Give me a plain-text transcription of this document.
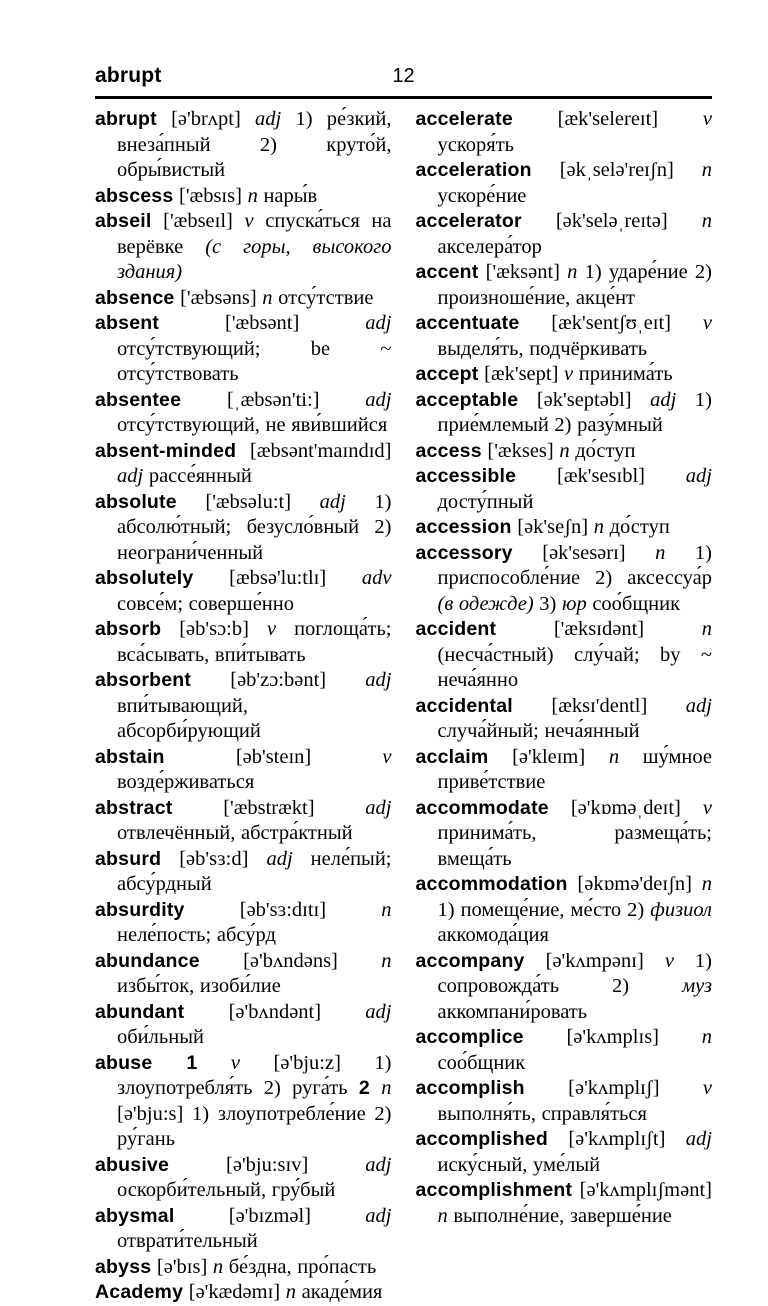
abrupt	12

abrupt [ə'brʌpt] adj 1) ре́зкий, внеза́пный 2) круто́й, обры́вистый

abscess ['æbsɪs] n нары́в

abseil ['æbseɪl] v спуска́ться на верёвке (с горы, высокого здания)

absence ['æbsəns] n отсу́тствие

absent ['æbsənt] adj отсу́тствующий; be ~ отсу́тствовать

absentee [ˌæbsən'ti:] adj отсу́тствующий, не яви́вшийся

absent-minded [æbsənt'maɪndɪd] adj рассе́янный

absolute ['æbsəlu:t] adj 1) абсолю́тный; безусло́вный 2) неограни́ченный

absolutely [æbsə'lu:tlɪ] adv совсе́м; соверше́нно

absorb [əb'sɔ:b] v поглоща́ть; вса́сывать, впи́тывать

absorbent [əb'zɔ:bənt] adj впи́тывающий, абсорби́рующий

abstain [əb'steɪn] v возде́рживаться

abstract ['æbstrækt] adj отвлечённый, абстра́ктный

absurd [əb'sɜ:d] adj неле́пый; абсу́рдный

absurdity [əb'sɜ:dɪtɪ] n неле́пость; абсу́рд

abundance [ə'bʌndəns] n избы́ток, изоби́лие

abundant [ə'bʌndənt] adj оби́льный

abuse 1 v [ə'bju:z] 1) злоупотребля́ть 2) руга́ть 2 n [ə'bju:s] 1) злоупотребле́ние 2) ру́гань

abusive [ə'bju:sɪv] adj оскорби́тельный, гру́бый

abysmal [ə'bɪzməl] adj отврати́тельный

abyss [ə'bɪs] n бе́здна, про́пасть

Academy [ə'kædəmɪ] n акаде́мия

accelerate [æk'selereɪt] v ускоря́ть

acceleration [əkˌselə'reɪʃn] n ускоре́ние

accelerator [ək'seləˌreɪtə] n акселера́тор

accent ['æksənt] n 1) ударе́ние 2) произноше́ние, акце́нт

accentuate [æk'sentʃʊˌeɪt] v выделя́ть, подчёркивать

accept [æk'sept] v принима́ть

acceptable [ək'septəbl] adj 1) прие́млемый 2) разу́мный

access ['ækses] n до́ступ

accessible [æk'sesɪbl] adj досту́пный

accession [ək'seʃn] n до́ступ

accessory [ək'sesərɪ] n 1) приспособле́ние 2) аксессуа́р (в одежде) 3) юр соо́бщник

accident ['æksɪdənt] n (несча́стный) слу́чай; by ~ неча́янно

accidental [æksɪ'dentl] adj случа́йный; неча́янный

acclaim [ə'kleɪm] n шу́мное приве́тствие

accommodate [ə'kɒməˌdeɪt] v принима́ть, размеща́ть; вмеща́ть

accommodation [əkɒmə'deɪʃn] n 1) помеще́ние, ме́сто 2) физиол аккомода́ция

accompany [ə'kʌmpənɪ] v 1) сопровожда́ть 2) муз аккомпани́ровать

accomplice [ə'kʌmplɪs] n соо́бщник

accomplish [ə'kʌmplɪʃ] v выполня́ть, справля́ться

accomplished [ə'kʌmplɪʃt] adj иску́сный, уме́лый

accomplishment [ə'kʌmplɪʃmənt] n выполне́ние, заверше́ние
